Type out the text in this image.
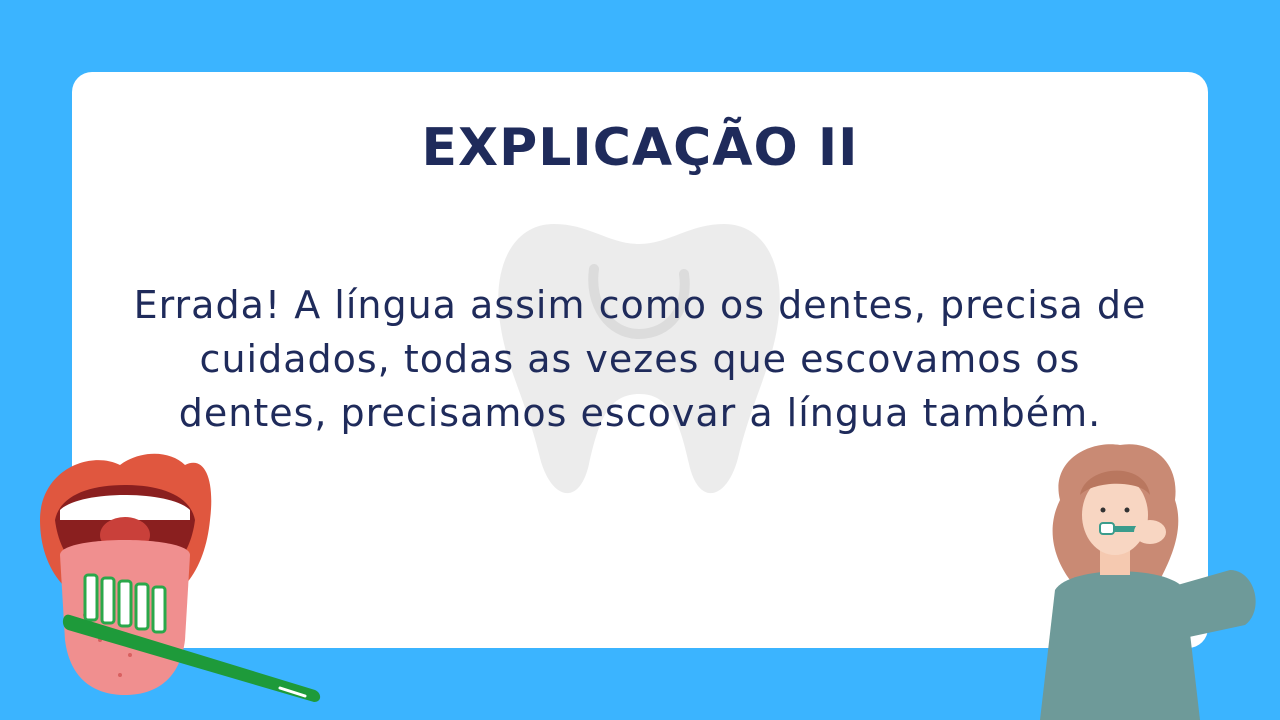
EXPLICAÇÃO II
Errada! A língua assim como os dentes, precisa de cuidados, todas as vezes que escovamos os dentes, precisamos escovar a língua também.
